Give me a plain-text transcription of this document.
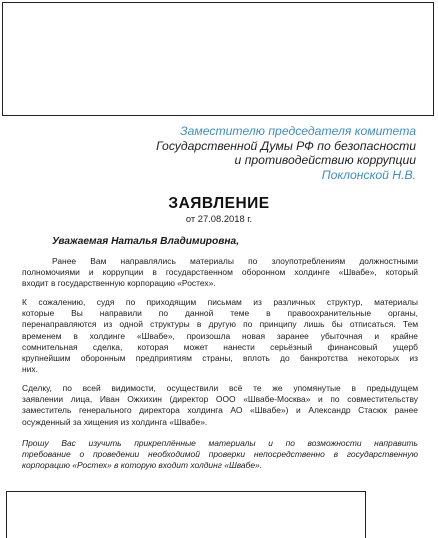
Заместителю председателя комитета
Государственной Думы РФ по безопасности
и противодействию коррупции
Поклонской Н.В.
ЗАЯВЛЕНИЕ
от 27.08.2018 г.
Уважаемая Наталья Владимировна,
Ранее Вам направлялись материалы по злоупотреблениям должностными
полномочиями и коррупции в государственном оборонном холдинге «Швабе», который
входит в государственную корпорацию «Ростех».
К сожалению, судя по приходящим письмам из различных структур, материалы
которые Вы направили по данной теме в правоохранительные органы,
перенаправляются из одной структуры в другую по принципу лишь бы отписаться. Тем
временем в холдинге «Швабе», произошла новая заранее убыточная и крайне
сомнительная сделка, которая может нанести серьёзный финансовый ущерб
крупнейшим оборонным предприятиям страны, вплоть до банкротства некоторых из
них.
Сделку, по всей видимости, осуществили всё те же упомянутые в предыдущем
заявлении лица, Иван Ожхихин (директор ООО «Швабе-Москва» и по совместительству
заместитель генерального директора холдинга АО «Швабе») и Александр Стасюк ранее
осужденный за хищения из холдинга «Швабе».
Прошу Вас изучить прикреплённые материалы и по возможности направить
требование о проведении необходимой проверки непосредственно в государственную
корпорацию «Ростех» в которую входит холдинг «Швабе».
